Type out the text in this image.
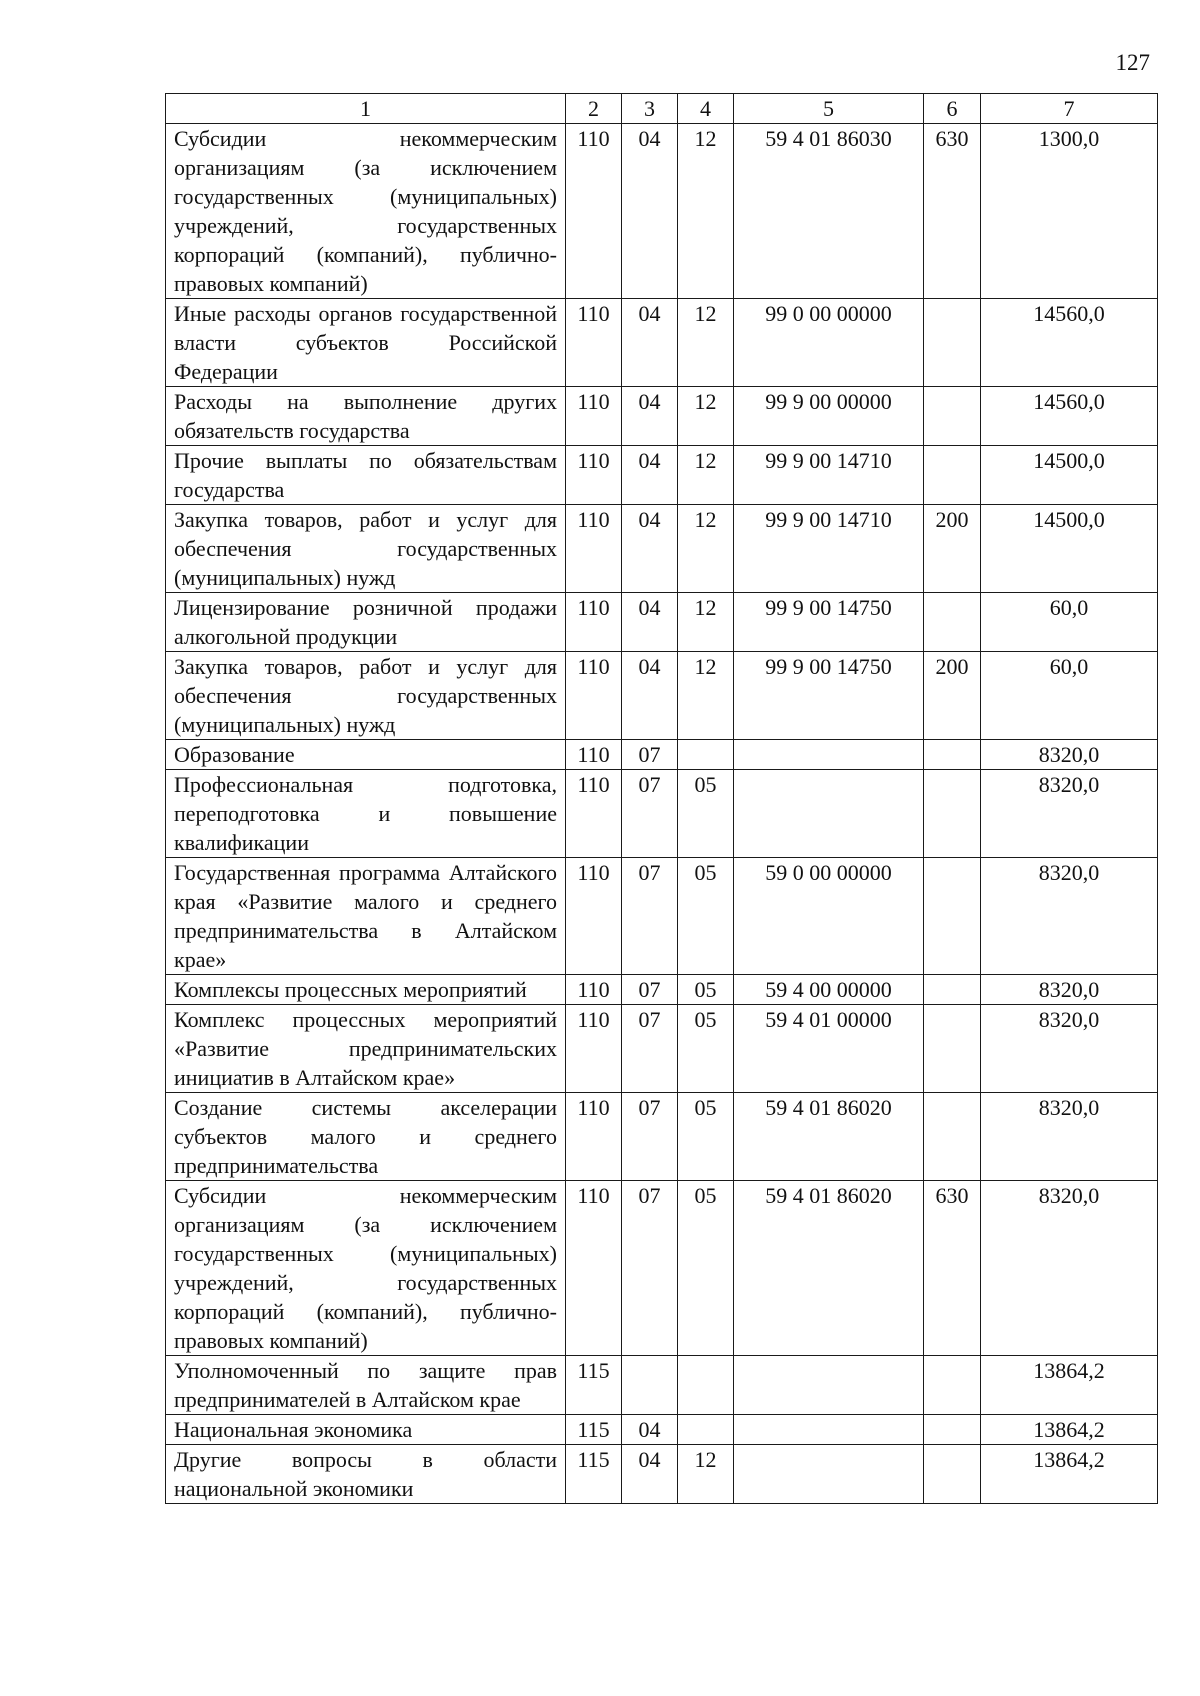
127
1	2	3	4	5	6	7
Субсидии некоммерческим организациям (за исключением государственных (муниципальных) учреждений, государственных корпораций (компаний), публично-правовых компаний)	110	04	12	59 4 01 86030	630	1300,0
Иные расходы органов государственной власти субъектов Российской Федерации	110	04	12	99 0 00 00000		14560,0
Расходы на выполнение других обязательств государства	110	04	12	99 9 00 00000		14560,0
Прочие выплаты по обязательствам государства	110	04	12	99 9 00 14710		14500,0
Закупка товаров, работ и услуг для обеспечения государственных (муниципальных) нужд	110	04	12	99 9 00 14710	200	14500,0
Лицензирование розничной продажи алкогольной продукции	110	04	12	99 9 00 14750		60,0
Закупка товаров, работ и услуг для обеспечения государственных (муниципальных) нужд	110	04	12	99 9 00 14750	200	60,0
Образование	110	07				8320,0
Профессиональная подготовка, переподготовка и повышение квалификации	110	07	05			8320,0
Государственная программа Алтайского края «Развитие малого и среднего предпринимательства в Алтайском крае»	110	07	05	59 0 00 00000		8320,0
Комплексы процессных мероприятий	110	07	05	59 4 00 00000		8320,0
Комплекс процессных мероприятий «Развитие предпринимательских инициатив в Алтайском крае»	110	07	05	59 4 01 00000		8320,0
Создание системы акселерации субъектов малого и среднего предпринимательства	110	07	05	59 4 01 86020		8320,0
Субсидии некоммерческим организациям (за исключением государственных (муниципальных) учреждений, государственных корпораций (компаний), публично-правовых компаний)	110	07	05	59 4 01 86020	630	8320,0
Уполномоченный по защите прав предпринимателей в Алтайском крае	115					13864,2
Национальная экономика	115	04				13864,2
Другие вопросы в области национальной экономики	115	04	12			13864,2
